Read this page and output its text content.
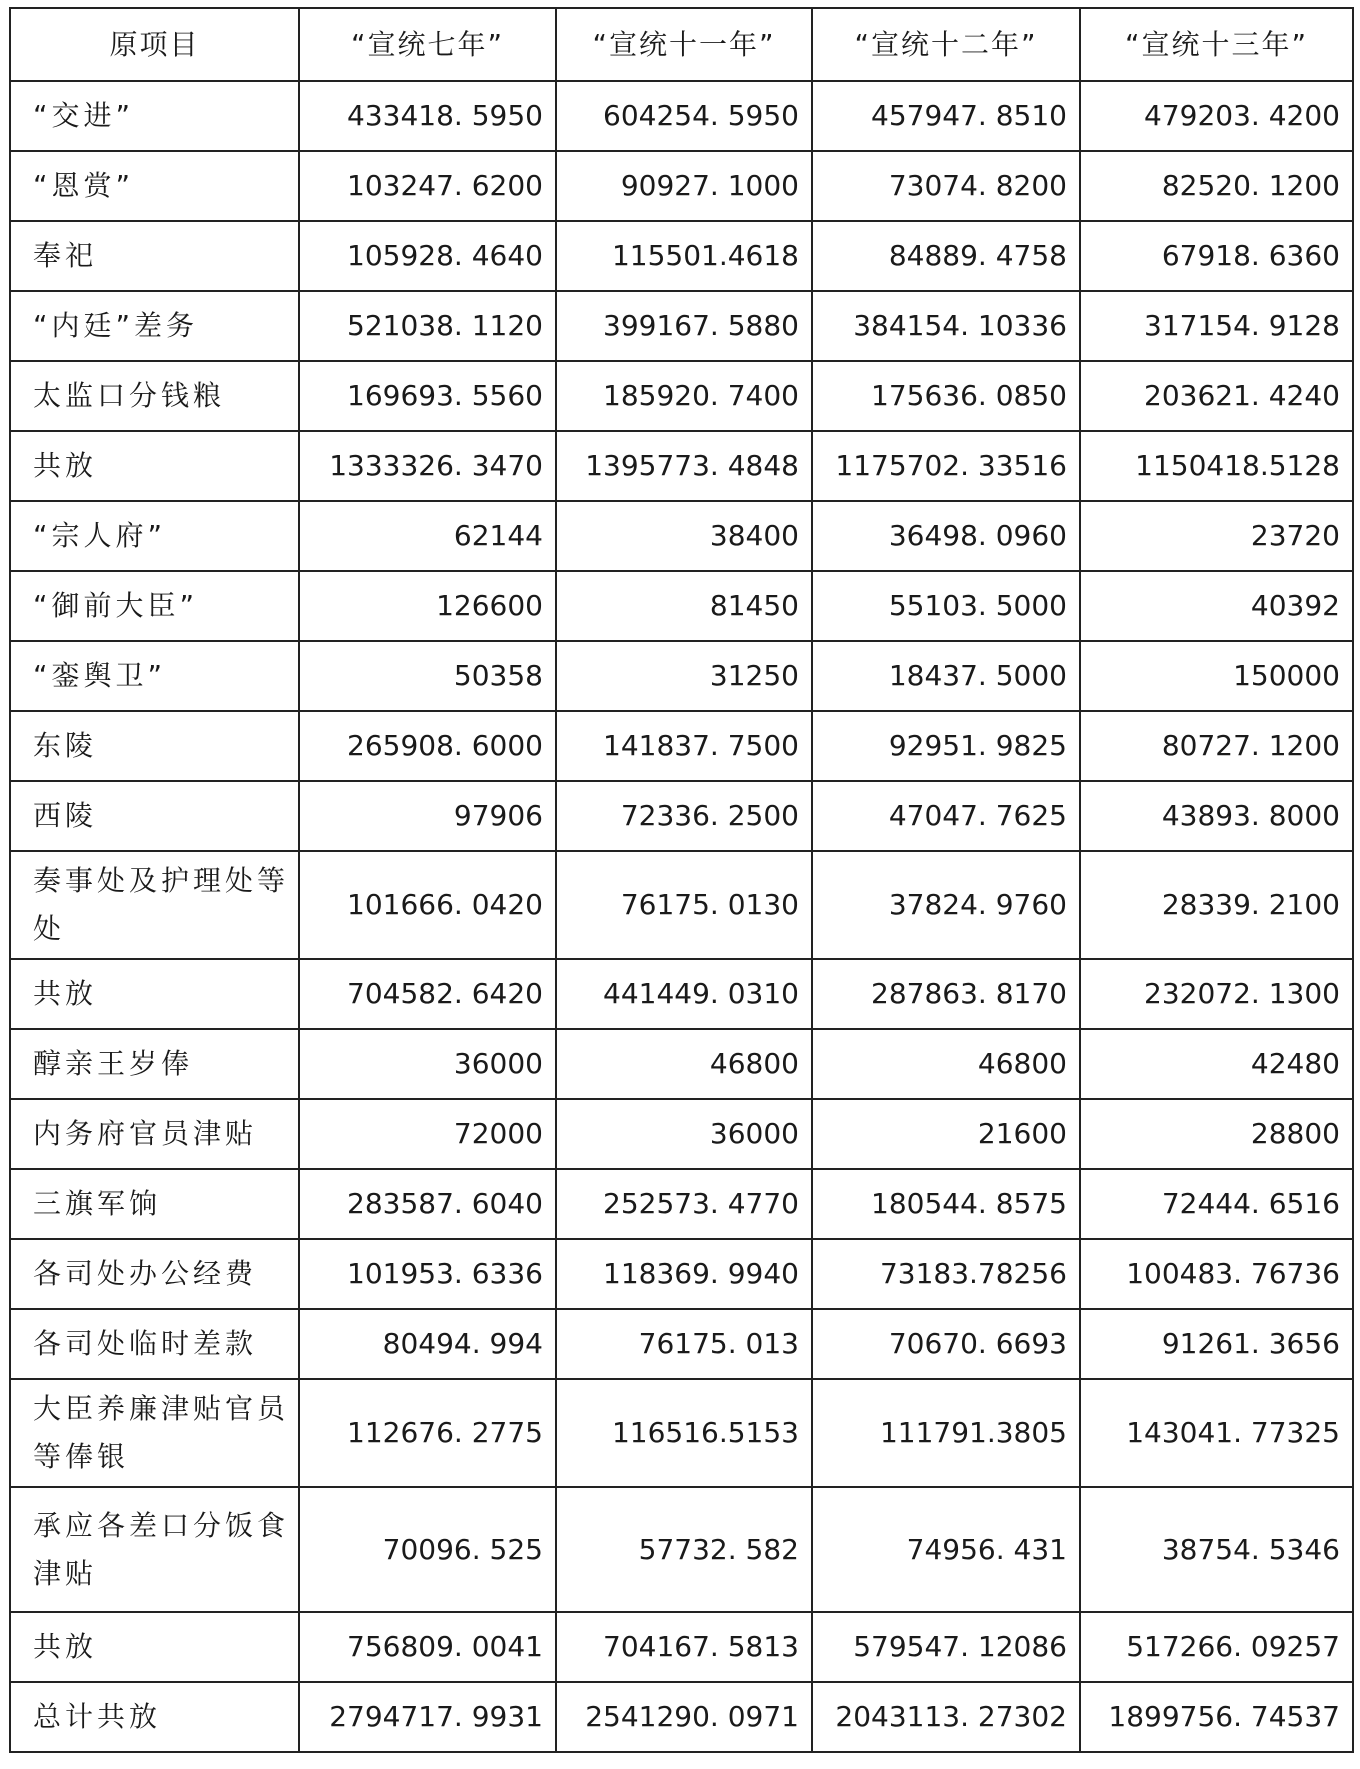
原项目	“宣统七年”	“宣统十一年”	“宣统十二年”	“宣统十三年”
“交进”	433418. 5950	604254. 5950	457947. 8510	479203. 4200
“恩赏”	103247. 6200	90927. 1000	73074. 8200	82520. 1200
奉祀	105928. 4640	115501.4618	84889. 4758	67918. 6360
“内廷”差务	521038. 1120	399167. 5880	384154. 10336	317154. 9128
太监口分钱粮	169693. 5560	185920. 7400	175636. 0850	203621. 4240
共放	1333326. 3470	1395773. 4848	1175702. 33516	1150418.5128
“宗人府”	62144	38400	36498. 0960	23720
“御前大臣”	126600	81450	55103. 5000	40392
“銮舆卫”	50358	31250	18437. 5000	150000
东陵	265908. 6000	141837. 7500	92951. 9825	80727. 1200
西陵	97906	72336. 2500	47047. 7625	43893. 8000
奏事处及护理处等处	101666. 0420	76175. 0130	37824. 9760	28339. 2100
共放	704582. 6420	441449. 0310	287863. 8170	232072. 1300
醇亲王岁俸	36000	46800	46800	42480
内务府官员津贴	72000	36000	21600	28800
三旗军饷	283587. 6040	252573. 4770	180544. 8575	72444. 6516
各司处办公经费	101953. 6336	118369. 9940	73183.78256	100483. 76736
各司处临时差款	80494. 994	76175. 013	70670. 6693	91261. 3656
大臣养廉津贴官员等俸银	112676. 2775	116516.5153	111791.3805	143041. 77325
承应各差口分饭食津贴	70096. 525	57732. 582	74956. 431	38754. 5346
共放	756809. 0041	704167. 5813	579547. 12086	517266. 09257
总计共放	2794717. 9931	2541290. 0971	2043113. 27302	1899756. 74537
